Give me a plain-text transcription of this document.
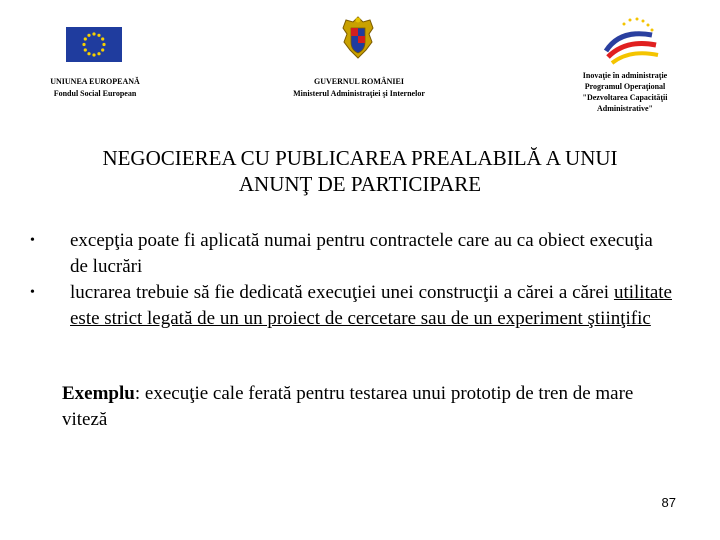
UNIUNEA EUROPEANĂ
Fondul Social European
GUVERNUL ROMÂNIEI
Ministerul Administraţiei şi Internelor
Inovaţie în administraţie
Programul Operaţional
"Dezvoltarea Capacităţii
Administrative"
NEGOCIEREA CU PUBLICAREA PREALABILĂ A UNUI
ANUNŢ DE PARTICIPARE
• excepţia poate fi aplicată numai pentru contractele care au ca obiect execuţia de lucrări
• lucrarea trebuie să fie dedicată execuţiei unei construcţii a cărei a cărei utilitate este strict legată de un un proiect de cercetare sau de un experiment ştiinţific
Exemplu: execuţie cale ferată pentru testarea unui prototip de tren de mare viteză
87
